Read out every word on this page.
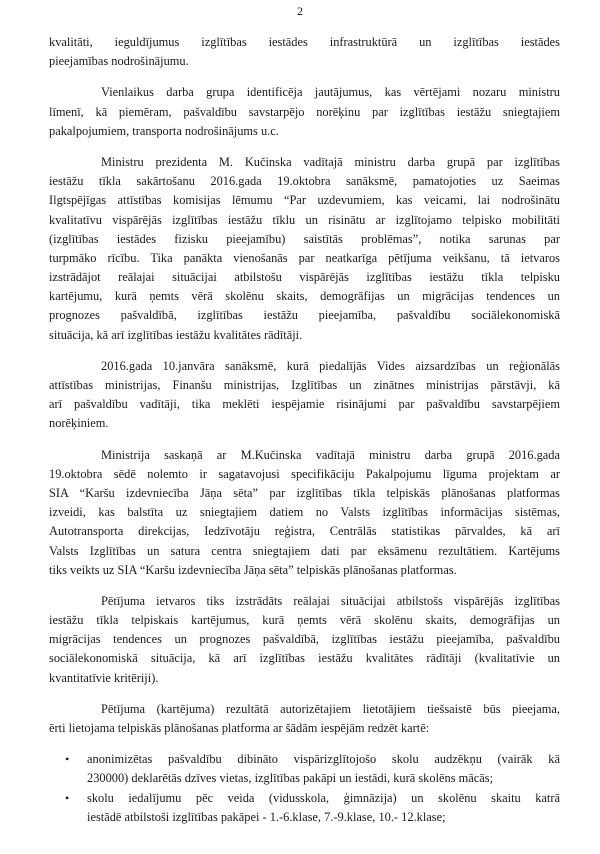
2
kvalitāti, ieguldījumus izglītības iestādes infrastruktūrā un izglītības iestādes
pieejamības nodrošinājumu.
Vienlaikus darba grupa identificēja jautājumus, kas vērtējami nozaru ministru
līmenī, kā piemēram, pašvaldību savstarpējo norēķinu par izglītības iestāžu sniegtajiem
pakalpojumiem, transporta nodrošinājums u.c.
Ministru prezidenta M. Kučinska vadītajā ministru darba grupā par izglītības
iestāžu tīkla sakārtošanu 2016.gada 19.oktobra sanāksmē, pamatojoties uz Saeimas
Ilgtspējīgas attīstības komisijas lēmumu “Par uzdevumiem, kas veicami, lai nodrošinātu
kvalitatīvu vispārējās izglītības iestāžu tīklu un risinātu ar izglītojamo telpisko mobilitāti
(izglītības iestādes fizisku pieejamību) saistītās problēmas”, notika sarunas par
turpmāko rīcību. Tika panākta vienošanās par neatkarīga pētījuma veikšanu, tā ietvaros
izstrādājot reālajai situācijai atbilstošu vispārējās izglītības iestāžu tīkla telpisku
kartējumu, kurā ņemts vērā skolēnu skaits, demogrāfijas un migrācijas tendences un
prognozes pašvaldībā, izglītības iestāžu pieejamība, pašvaldību sociālekonomiskā
situācija, kā arī izglītības iestāžu kvalitātes rādītāji.
2016.gada 10.janvāra sanāksmē, kurā piedalījās Vides aizsardzības un reģionālās
attīstības ministrijas, Finanšu ministrijas, Izglītības un zinātnes ministrijas pārstāvji, kā
arī pašvaldību vadītāji, tika meklēti iespējamie risinājumi par pašvaldību savstarpējiem
norēķiniem.
Ministrija saskaņā ar M.Kučinska vadītajā ministru darba grupā 2016.gada
19.oktobra sēdē nolemto ir sagatavojusi specifikāciju Pakalpojumu līguma projektam ar
SIA “Karšu izdevniecība Jāņa sēta” par izglītības tīkla telpiskās plānošanas platformas
izveidi, kas balstīta uz sniegtajiem datiem no Valsts izglītības informācijas sistēmas,
Autotransporta direkcijas, Iedzīvotāju reģistra, Centrālās statistikas pārvaldes, kā arī
Valsts Izglītības un satura centra sniegtajiem dati par eksāmenu rezultātiem. Kartējums
tiks veikts uz SIA “Karšu izdevniecība Jāņa sēta” telpiskās plānošanas platformas.
Pētījuma ietvaros tiks izstrādāts reālajai situācijai atbilstošs vispārējās izglītības
iestāžu tīkla telpiskais kartējumus, kurā ņemts vērā skolēnu skaits, demogrāfijas un
migrācijas tendences un prognozes pašvaldībā, izglītības iestāžu pieejamība, pašvaldību
sociālekonomiskā situācija, kā arī izglītības iestāžu kvalitātes rādītāji (kvalitatīvie un
kvantitatīvie kritēriji).
Pētījuma (kartējuma) rezultātā autorizētajiem lietotājiem tiešsaistē būs pieejama,
ērti lietojama telpiskās plānošanas platforma ar šādām iespējām redzēt kartē:
• anonimizētas pašvaldību dibināto vispārizglītojošo skolu audzēkņu (vairāk kā
230000) deklarētās dzīves vietas, izglītības pakāpi un iestādi, kurā skolēns mācās;
• skolu iedalījumu pēc veida (vidusskola, ģimnāzija) un skolēnu skaitu katrā
iestādē atbilstoši izglītības pakāpei - 1.-6.klase, 7.-9.klase, 10.- 12.klase;
